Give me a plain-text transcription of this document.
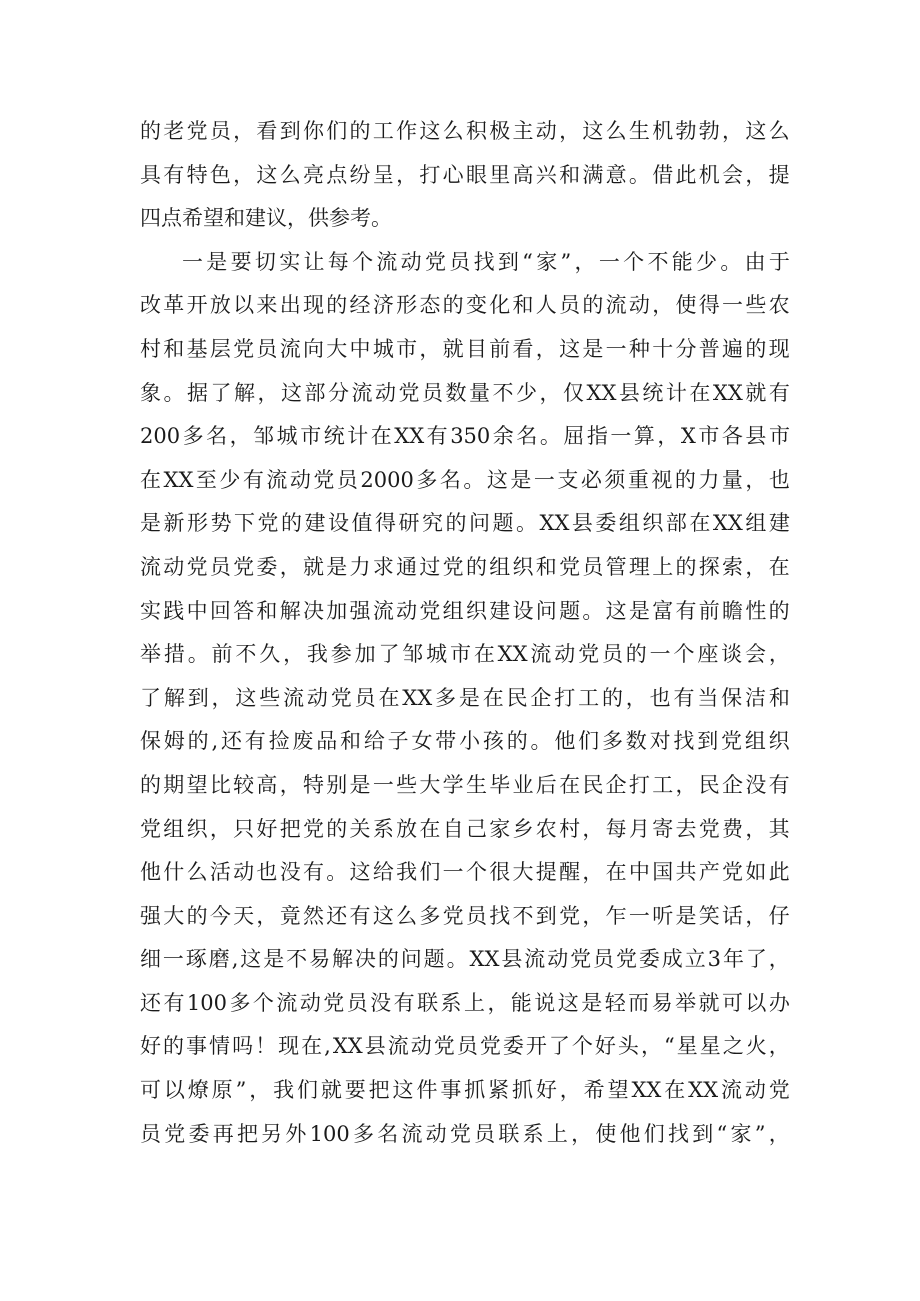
的 老 党 员 ， 看 到 你 们 的 工 作 这 么 积 极 主 动 ， 这 么 生 机 勃 勃 ， 这 么
具 有 特 色 ， 这 么 亮 点 纷 呈 ， 打 心 眼 里 高 兴 和 满 意 。 借 此 机 会 ， 提
四点希望和建议，供参考。
一 是 要 切 实 让 每 个 流 动 党 员 找 到 “ 家 ” ， 一 个 不 能 少 。 由 于
改 革 开 放 以 来 出 现 的 经 济 形 态 的 变 化 和 人 员 的 流 动 ， 使 得 一 些 农
村 和 基 层 党 员 流 向 大 中 城 市 ， 就 目 前 看 ， 这 是 一 种 十 分 普 遍 的 现
象 。 据 了 解 ， 这 部 分 流 动 党 员 数 量 不 少 ， 仅 XX 县 统 计 在 XX 就 有
200 多 名 ， 邹 城 市 统 计 在 XX 有 350 余 名 。 屈 指 一 算 ， X 市 各 县 市
在 XX 至 少 有 流 动 党 员 2000 多 名 。 这 是 一 支 必 须 重 视 的 力 量 ， 也
是 新 形 势 下 党 的 建 设 值 得 研 究 的 问 题 。 XX 县 委 组 织 部 在 XX 组 建
流 动 党 员 党 委 ， 就 是 力 求 通 过 党 的 组 织 和 党 员 管 理 上 的 探 索 ， 在
实 践 中 回 答 和 解 决 加 强 流 动 党 组 织 建 设 问 题 。 这 是 富 有 前 瞻 性 的
举 措 。 前 不 久 ， 我 参 加 了 邹 城 市 在 XX 流 动 党 员 的 一 个 座 谈 会 ，
了 解 到 ， 这 些 流 动 党 员 在 XX 多 是 在 民 企 打 工 的 ， 也 有 当 保 洁 和
保 姆 的 , 还 有 捡 废 品 和 给 子 女 带 小 孩 的 。 他 们 多 数 对 找 到 党 组 织
的 期 望 比 较 高 ， 特 别 是 一 些 大 学 生 毕 业 后 在 民 企 打 工 ， 民 企 没 有
党 组 织 ， 只 好 把 党 的 关 系 放 在 自 己 家 乡 农 村 ， 每 月 寄 去 党 费 ， 其
他 什 么 活 动 也 没 有 。 这 给 我 们 一 个 很 大 提 醒 ， 在 中 国 共 产 党 如 此
强 大 的 今 天 ， 竟 然 还 有 这 么 多 党 员 找 不 到 党 ， 乍 一 听 是 笑 话 ， 仔
细 一 琢 磨 , 这 是 不 易 解 决 的 问 题 。 XX 县 流 动 党 员 党 委 成 立 3 年 了 ，
还 有 100 多 个 流 动 党 员 没 有 联 系 上 ， 能 说 这 是 轻 而 易 举 就 可 以 办
好 的 事 情 吗 ！ 现 在 , XX 县 流 动 党 员 党 委 开 了 个 好 头 ， “ 星 星 之 火 ，
可 以 燎 原 ” ， 我 们 就 要 把 这 件 事 抓 紧 抓 好 ， 希 望 XX 在 XX 流 动 党
员 党 委 再 把 另 外 100 多 名 流 动 党 员 联 系 上 ， 使 他 们 找 到 “ 家 ” ，
